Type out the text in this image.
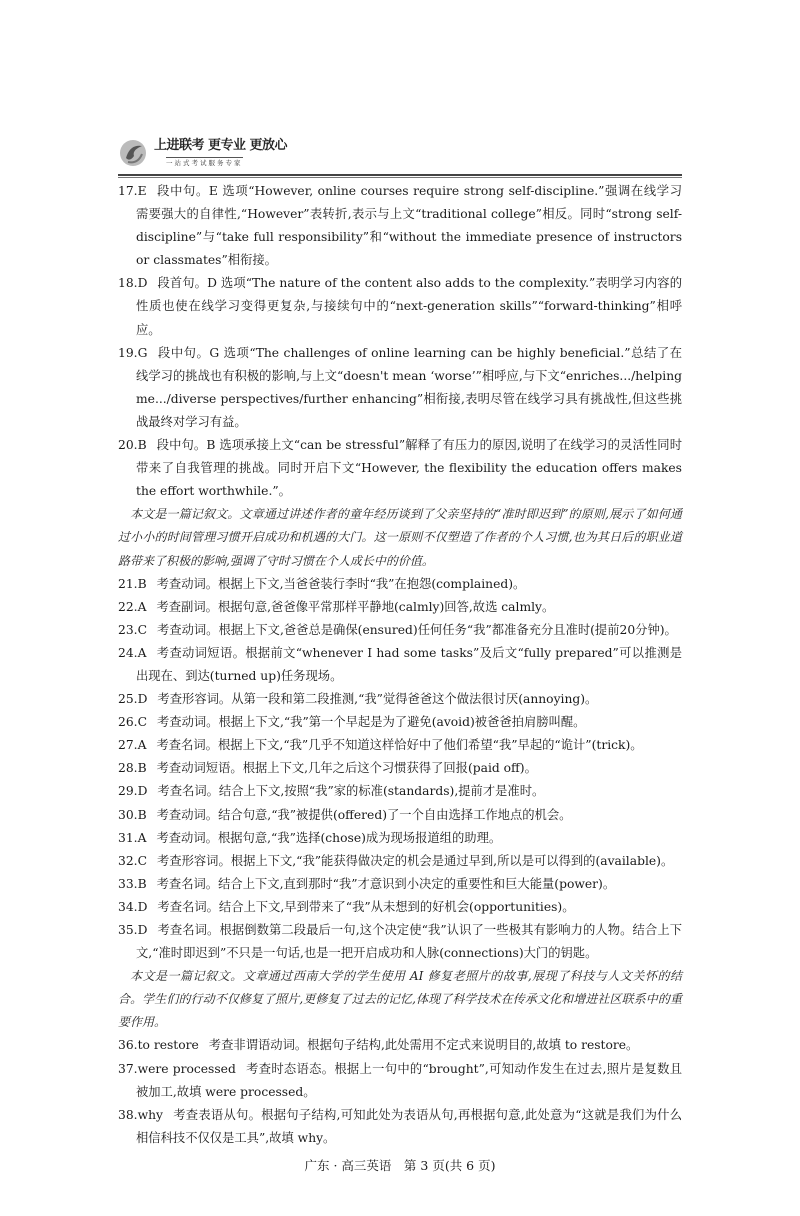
上进联考 更专业 更放心
一站式考试服务专家
17.E 段中句。E 选项“However, online courses require strong self-discipline.”强调在线学习需要强大的自律性,“However”表转折,表示与上文“traditional college”相反。同时“strong self-discipline”与“take full responsibility”和“without the immediate presence of instructors or classmates”相衔接。
18.D 段首句。D 选项“The nature of the content also adds to the complexity.”表明学习内容的性质也使在线学习变得更复杂,与接续句中的“next-generation skills”“forward-thinking”相呼应。
19.G 段中句。G 选项“The challenges of online learning can be highly beneficial.”总结了在线学习的挑战也有积极的影响,与上文“doesn't mean ‘worse’”相呼应,与下文“enriches.../helping me.../diverse perspectives/further enhancing”相衔接,表明尽管在线学习具有挑战性,但这些挑战最终对学习有益。
20.B 段中句。B 选项承接上文“can be stressful”解释了有压力的原因,说明了在线学习的灵活性同时带来了自我管理的挑战。同时开启下文“However, the flexibility the education offers makes the effort worthwhile.”。
本文是一篇记叙文。文章通过讲述作者的童年经历谈到了父亲坚持的“准时即迟到”的原则,展示了如何通过小小的时间管理习惯开启成功和机遇的大门。这一原则不仅塑造了作者的个人习惯,也为其日后的职业道路带来了积极的影响,强调了守时习惯在个人成长中的价值。
21.B 考查动词。根据上下文,当爸爸装行李时“我”在抱怨(complained)。
22.A 考查副词。根据句意,爸爸像平常那样平静地(calmly)回答,故选 calmly。
23.C 考查动词。根据上下文,爸爸总是确保(ensured)任何任务“我”都准备充分且准时(提前20分钟)。
24.A 考查动词短语。根据前文“whenever I had some tasks”及后文“fully prepared”可以推测是出现在、到达(turned up)任务现场。
25.D 考查形容词。从第一段和第二段推测,“我”觉得爸爸这个做法很讨厌(annoying)。
26.C 考查动词。根据上下文,“我”第一个早起是为了避免(avoid)被爸爸拍肩膀叫醒。
27.A 考查名词。根据上下文,“我”几乎不知道这样恰好中了他们希望“我”早起的“诡计”(trick)。
28.B 考查动词短语。根据上下文,几年之后这个习惯获得了回报(paid off)。
29.D 考查名词。结合上下文,按照“我”家的标准(standards),提前才是准时。
30.B 考查动词。结合句意,“我”被提供(offered)了一个自由选择工作地点的机会。
31.A 考查动词。根据句意,“我”选择(chose)成为现场报道组的助理。
32.C 考查形容词。根据上下文,“我”能获得做决定的机会是通过早到,所以是可以得到的(available)。
33.B 考查名词。结合上下文,直到那时“我”才意识到小决定的重要性和巨大能量(power)。
34.D 考查名词。结合上下文,早到带来了“我”从未想到的好机会(opportunities)。
35.D 考查名词。根据倒数第二段最后一句,这个决定使“我”认识了一些极其有影响力的人物。结合上下文,“准时即迟到”不只是一句话,也是一把开启成功和人脉(connections)大门的钥匙。
本文是一篇记叙文。文章通过西南大学的学生使用 AI 修复老照片的故事,展现了科技与人文关怀的结合。学生们的行动不仅修复了照片,更修复了过去的记忆,体现了科学技术在传承文化和增进社区联系中的重要作用。
36.to restore 考查非谓语动词。根据句子结构,此处需用不定式来说明目的,故填 to restore。
37.were processed 考查时态语态。根据上一句中的“brought”,可知动作发生在过去,照片是复数且被加工,故填 were processed。
38.why 考查表语从句。根据句子结构,可知此处为表语从句,再根据句意,此处意为“这就是我们为什么相信科技不仅仅是工具”,故填 why。
广东 · 高三英语　第 3 页(共 6 页)
